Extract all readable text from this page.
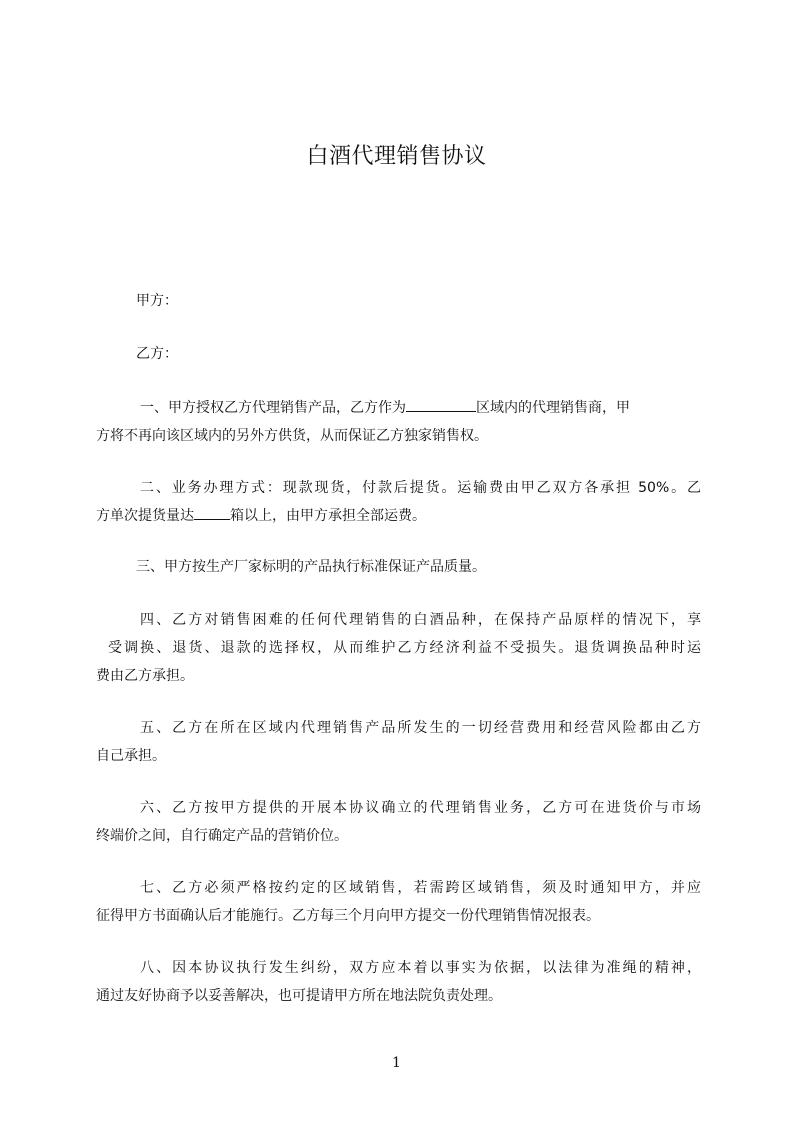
白酒代理销售协议
甲方：
乙方：
一、甲方授权乙方代理销售产品，乙方作为	区域内的代理销售商，甲
方将不再向该区域内的另外方供货，从而保证乙方独家销售权。
二、业务办理方式：现款现货，付款后提货。运输费由甲乙双方各承担 50%。乙
方单次提货量达	箱以上，由甲方承担全部运费。
三、甲方按生产厂家标明的产品执行标准保证产品质量。
四、乙方对销售困难的任何代理销售的白酒品种，在保持产品原样的情况下，享
受调换、退货、退款的选择权，从而维护乙方经济利益不受损失。退货调换品种时运
费由乙方承担。
五、乙方在所在区域内代理销售产品所发生的一切经营费用和经营风险都由乙方
自己承担。
六、乙方按甲方提供的开展本协议确立的代理销售业务，乙方可在进货价与市场
终端价之间，自行确定产品的营销价位。
七、乙方必须严格按约定的区域销售，若需跨区域销售，须及时通知甲方，并应
征得甲方书面确认后才能施行。乙方每三个月向甲方提交一份代理销售情况报表。
八、因本协议执行发生纠纷，双方应本着以事实为依据，以法律为准绳的精神，
通过友好协商予以妥善解决，也可提请甲方所在地法院负责处理。
1
